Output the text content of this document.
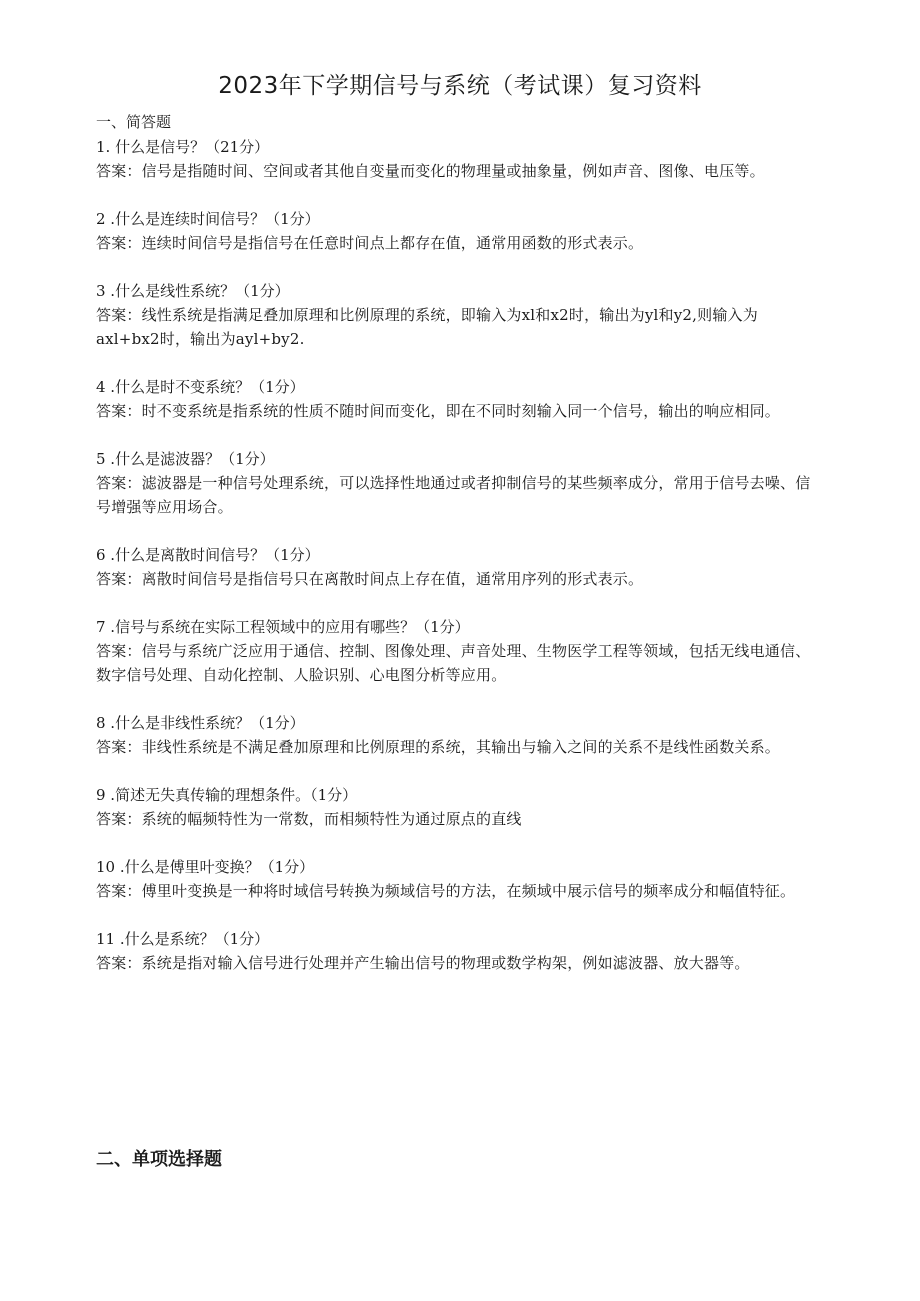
2023年下学期信号与系统（考试课）复习资料
一、简答题
1. 什么是信号？（21分）
答案：信号是指随时间、空间或者其他自变量而变化的物理量或抽象量，例如声音、图像、电压等。
2 .什么是连续时间信号？（1分）
答案：连续时间信号是指信号在任意时间点上都存在值，通常用函数的形式表示。
3 .什么是线性系统？（1分）
答案：线性系统是指满足叠加原理和比例原理的系统，即输入为xl和x2时，输出为yl和y2,则输入为axl+bx2时，输出为ayl+by2.
4 .什么是时不变系统？（1分）
答案：时不变系统是指系统的性质不随时间而变化，即在不同时刻输入同一个信号，输出的响应相同。
5 .什么是滤波器？（1分）
答案：滤波器是一种信号处理系统，可以选择性地通过或者抑制信号的某些频率成分，常用于信号去噪、信号增强等应用场合。
6 .什么是离散时间信号？（1分）
答案：离散时间信号是指信号只在离散时间点上存在值，通常用序列的形式表示。
7 .信号与系统在实际工程领域中的应用有哪些？（1分）
答案：信号与系统广泛应用于通信、控制、图像处理、声音处理、生物医学工程等领域，包括无线电通信、数字信号处理、自动化控制、人脸识别、心电图分析等应用。
8 .什么是非线性系统？（1分）
答案：非线性系统是不满足叠加原理和比例原理的系统，其输出与输入之间的关系不是线性函数关系。
9 .简述无失真传输的理想条件。（1分）
答案：系统的幅频特性为一常数，而相频特性为通过原点的直线
10 .什么是傅里叶变换？（1分）
答案：傅里叶变换是一种将时域信号转换为频域信号的方法，在频域中展示信号的频率成分和幅值特征。
11 .什么是系统？（1分）
答案：系统是指对输入信号进行处理并产生输出信号的物理或数学构架，例如滤波器、放大器等。
二、单项选择题
